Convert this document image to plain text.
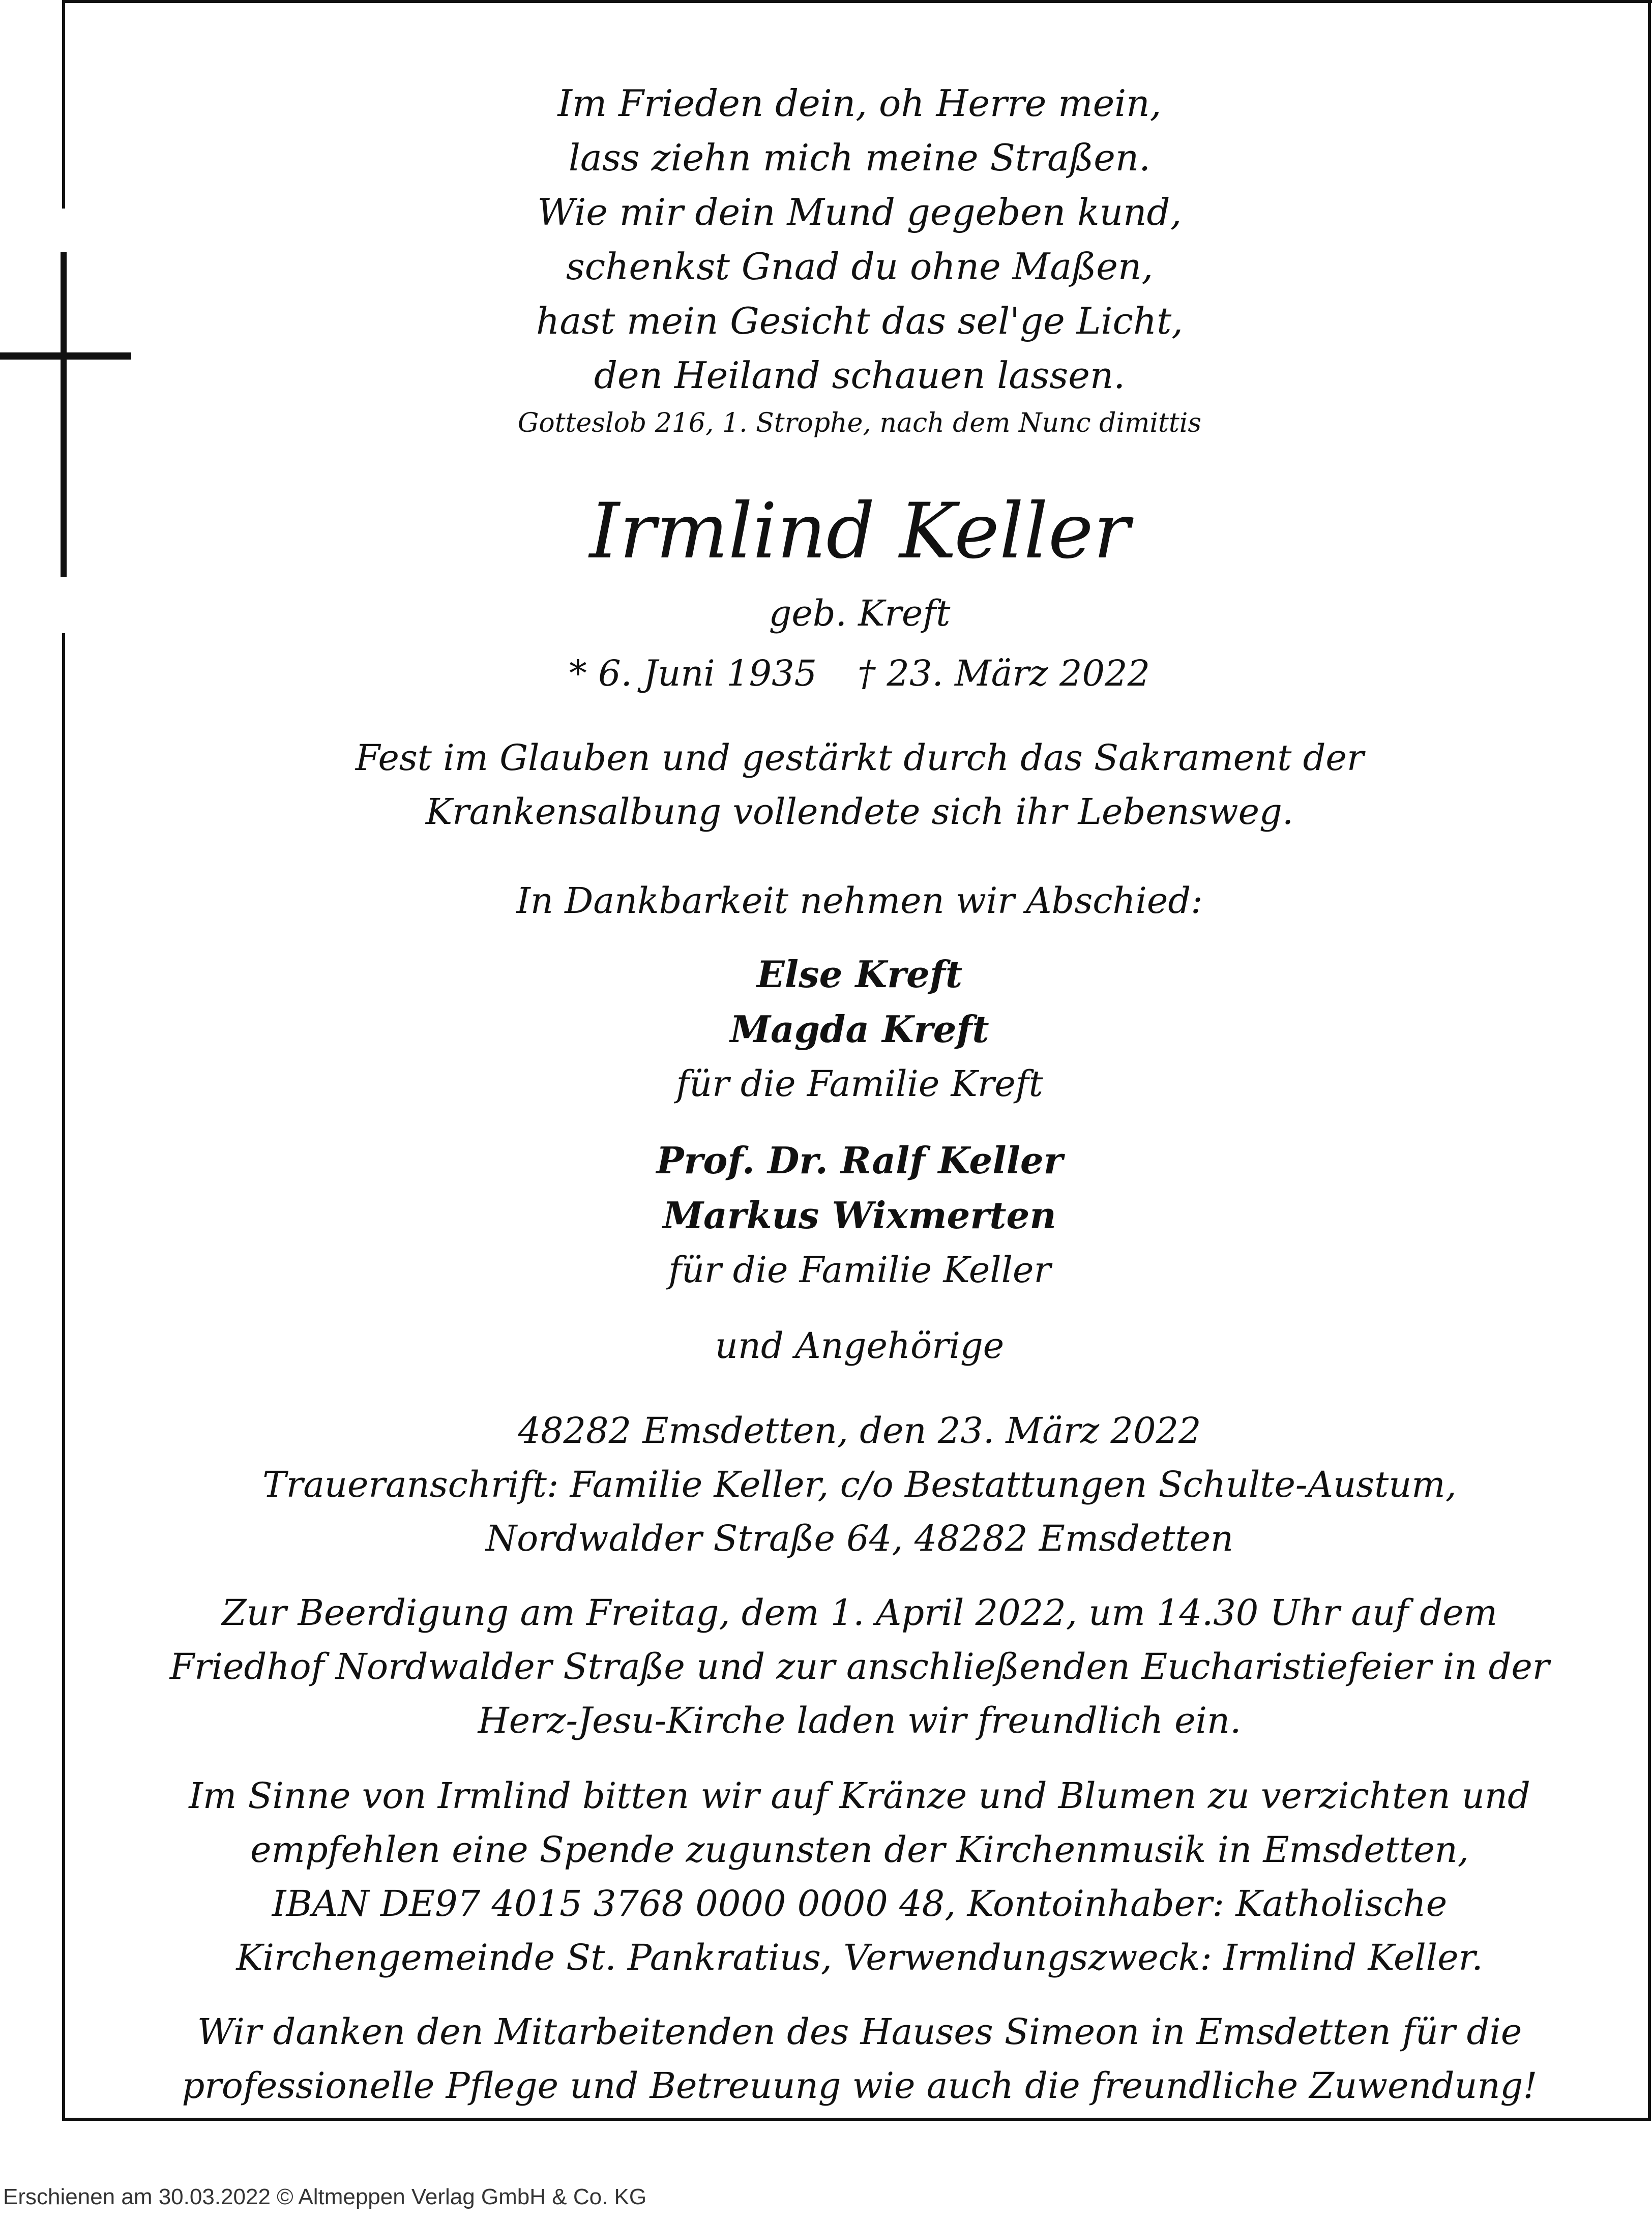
Im Frieden dein, oh Herre mein,

lass ziehn mich meine Straßen.

Wie mir dein Mund gegeben kund,

schenkst Gnad du ohne Maßen,

hast mein Gesicht das sel'ge Licht,

den Heiland schauen lassen.

Gotteslob 216, 1. Strophe, nach dem Nunc dimittis

Irmlind Keller

geb. Kreft

* 6. Juni 1935 † 23. März 2022

Fest im Glauben und gestärkt durch das Sakrament der

Krankensalbung vollendete sich ihr Lebensweg.

In Dankbarkeit nehmen wir Abschied:

Else Kreft

Magda Kreft

für die Familie Kreft

Prof. Dr. Ralf Keller

Markus Wixmerten

für die Familie Keller

und Angehörige

48282 Emsdetten, den 23. März 2022

Traueranschrift: Familie Keller, c/o Bestattungen Schulte-Austum,

Nordwalder Straße 64, 48282 Emsdetten

Zur Beerdigung am Freitag, dem 1. April 2022, um 14.30 Uhr auf dem

Friedhof Nordwalder Straße und zur anschließenden Eucharistiefeier in der

Herz-Jesu-Kirche laden wir freundlich ein.

Im Sinne von Irmlind bitten wir auf Kränze und Blumen zu verzichten und

empfehlen eine Spende zugunsten der Kirchenmusik in Emsdetten,

IBAN DE97 4015 3768 0000 0000 48, Kontoinhaber: Katholische

Kirchengemeinde St. Pankratius, Verwendungszweck: Irmlind Keller.

Wir danken den Mitarbeitenden des Hauses Simeon in Emsdetten für die

professionelle Pflege und Betreuung wie auch die freundliche Zuwendung!

Erschienen am 30.03.2022 © Altmeppen Verlag GmbH & Co. KG
